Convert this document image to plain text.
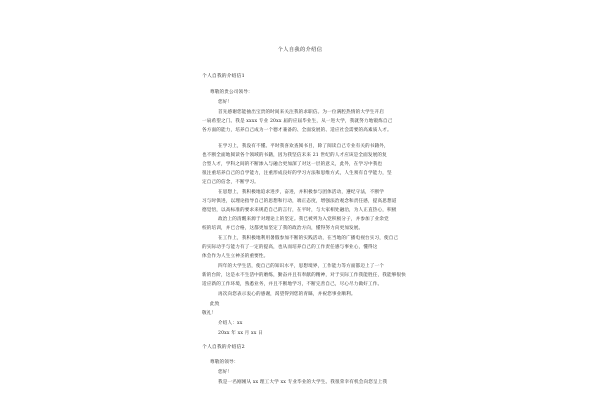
个人自我的介绍信
个人自我的介绍信1
尊敬的贵公司领导：
您好！
首先感谢您能抽出宝贵的时间来关注我的求职信。为一位满腔热情的大学生开启
一扇希望之门。我是 xxxx 专业 20xx 届的应届毕业生，从一进大学，我就努力地锻炼自己
各方面的能力，培养自己成为一个德才兼备的、全面发展的、适应社会需要的高素质人才。
在学习上，我没有不懂。平时我喜欢查阅书目，除了阅读自己专业有关的书籍外，
也不断全面地阅读各个领域的书籍，因为我坚信未来 21 世纪的人才应该是全面发展的复
合型人才，学科之间的不断渗入与融合更加深了对这一层的意义，此外，在学习中我也
很注重培养自己的自学能力，注重形成良好的学习方法和思维方式，人生须有自学能力，坚
定自己的信念，不断学习。
在思想上，我积极地追求进步，奋进，并积极参与团体活动，遵纪守法，不断学
习与时俱进，以理论指导自己的思想和行动，端正态度，增强法治观念和责任感，提高思想道
德觉悟，以高标准的要求来规范自己的言行，在平时，与大家相处融洽，为人正直热心，积极
政治上的清醒来源于对理论上的坚定。我已被列为入党积极分子，并参加了业余党
校的培训，并已合格，这都更加坚定了我的政治方向，懂得努力向更加发展。
在工作上，我积极地利用暑假参加不断的实践活动，在当地的广播电视台实习，使自己
的实际动手与能力有了一定的提高，也从而培养自己的工作责任感与事业心，懂得这
体会作为人生立神圣的重要性。
四年的大学生活，使自己的知识水平，思想境界，工作能力等方面都迈上了一个
新的台阶，这是永不生活中的磨练，勤奋并且有奉献的精神，对于实际工作我能胜任，我能够很快
适应新的工作环境，熟悉业务，并且不断地学习，不断完善自己，尽心尽力做好工作。
再次向您表示衷心的感谢，渴望得到您的青睐，并祝您事业顺利。
此致
敬礼！
介绍人：xx
20xx 年 xx 月 xx 日
个人自我的介绍信2
尊敬的领导：
您好！
我是一名刚刚从 xx 理工大学 xx 专业毕业的大学生。我很荣幸有机会向您呈上我
